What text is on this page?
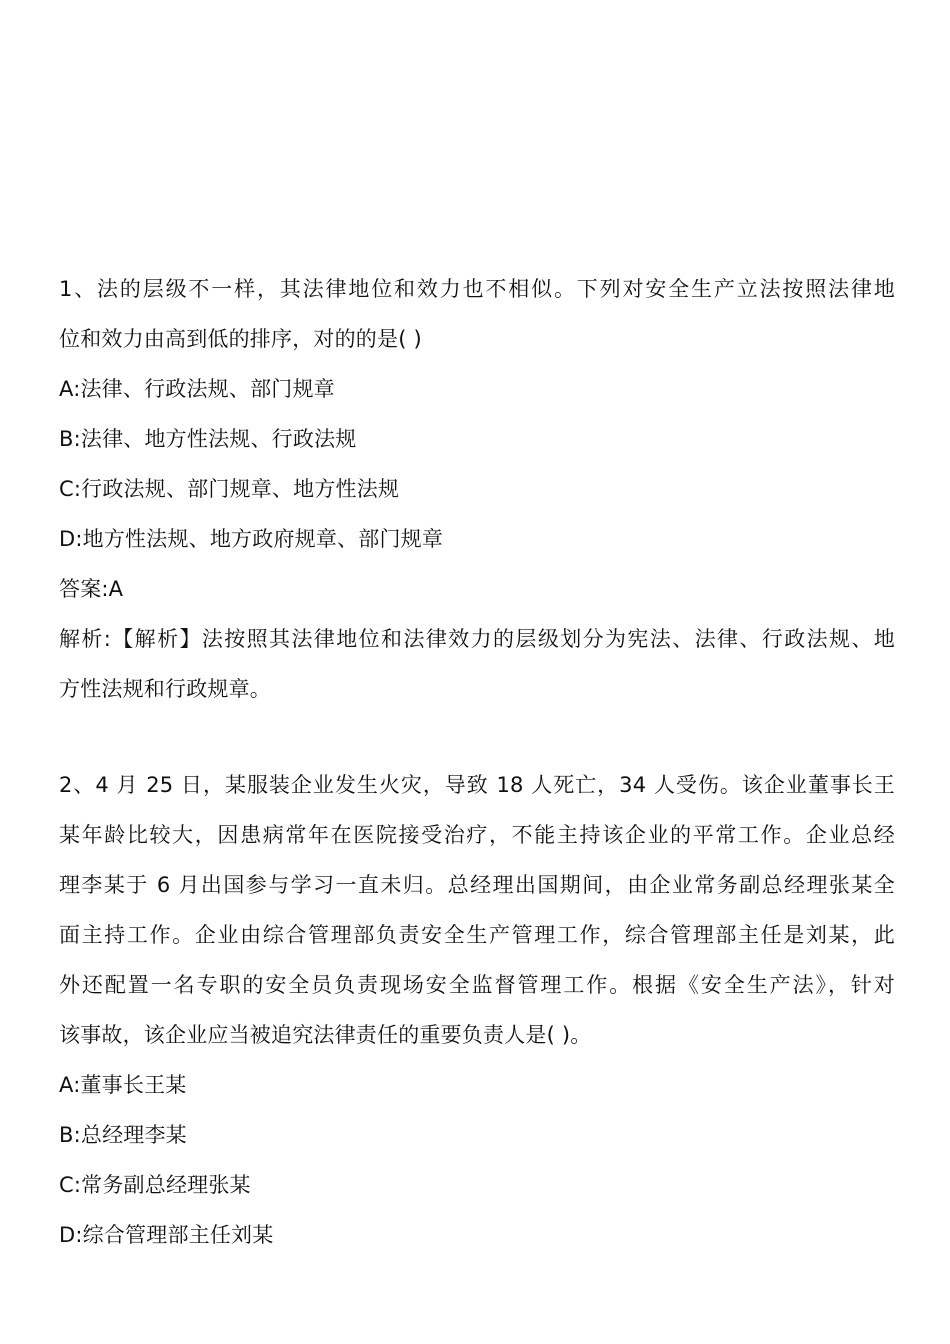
1、法的层级不一样，其法律地位和效力也不相似。下列对安全生产立法按照法律地
位和效力由高到低的排序，对的的是( )
A:法律、行政法规、部门规章
B:法律、地方性法规、行政法规
C:行政法规、部门规章、地方性法规
D:地方性法规、地方政府规章、部门规章
答案:A
解析:【解析】法按照其法律地位和法律效力的层级划分为宪法、法律、行政法规、地
方性法规和行政规章。
2、4 月 25 日，某服装企业发生火灾，导致 18 人死亡，34 人受伤。该企业董事长王
某年龄比较大，因患病常年在医院接受治疗，不能主持该企业的平常工作。企业总经
理李某于 6 月出国参与学习一直未归。总经理出国期间，由企业常务副总经理张某全
面主持工作。企业由综合管理部负责安全生产管理工作，综合管理部主任是刘某，此
外还配置一名专职的安全员负责现场安全监督管理工作。根据《安全生产法》，针对
该事故，该企业应当被追究法律责任的重要负责人是( )。
A:董事长王某
B:总经理李某
C:常务副总经理张某
D:综合管理部主任刘某
